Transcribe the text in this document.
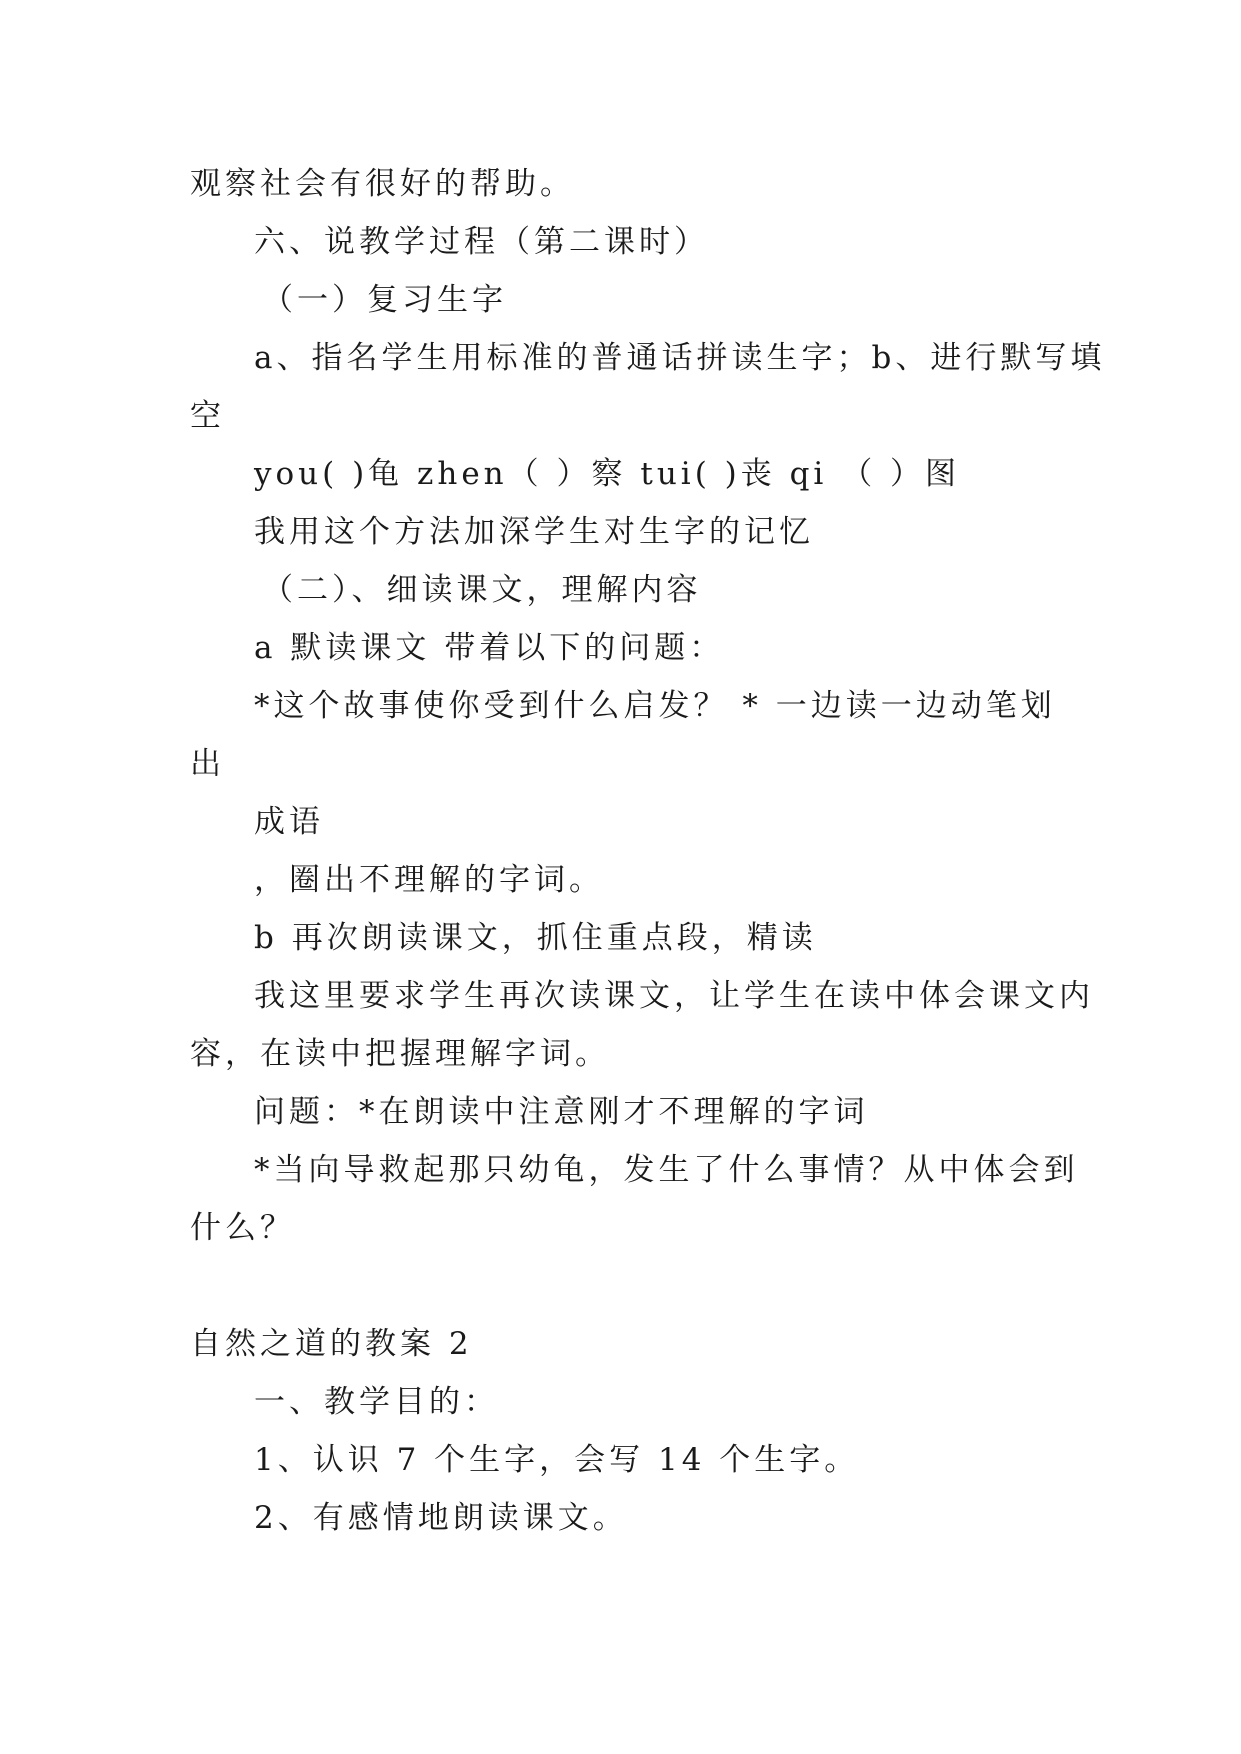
观察社会有很好的帮助。
六、说教学过程（第二课时）
（一）复习生字
a、指名学生用标准的普通话拼读生字；b、进行默写填
空
you( )龟 zhen（ ）察 tui( )丧 qi （ ）图
我用这个方法加深学生对生字的记忆
（二）、细读课文，理解内容
a 默读课文 带着以下的问题：
*这个故事使你受到什么启发？ * 一边读一边动笔划
出
成语
，圈出不理解的字词。
b 再次朗读课文，抓住重点段，精读
我这里要求学生再次读课文，让学生在读中体会课文内
容，在读中把握理解字词。
问题：*在朗读中注意刚才不理解的字词
*当向导救起那只幼龟，发生了什么事情？从中体会到
什么？
自然之道的教案 2
一、教学目的：
1、认识 7 个生字，会写 14 个生字。
2、有感情地朗读课文。
